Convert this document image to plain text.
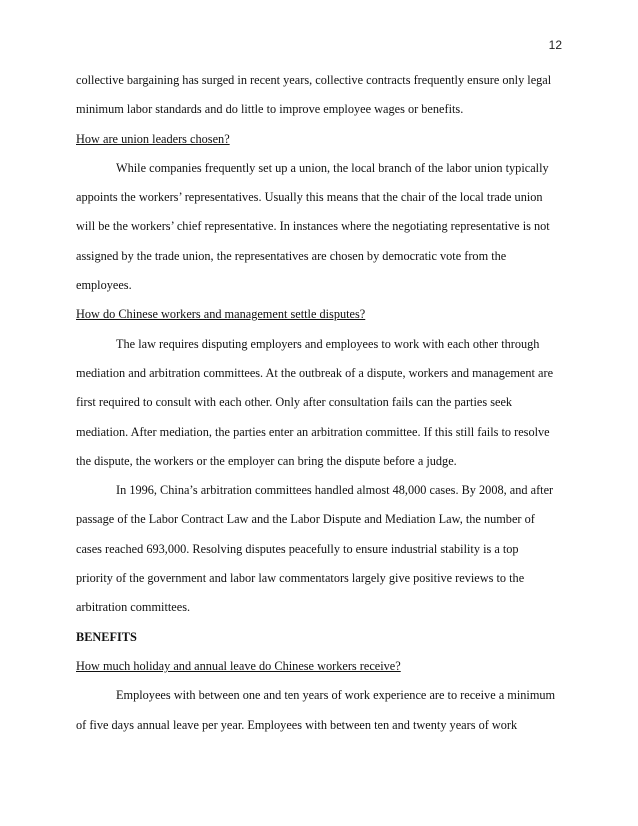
12
collective bargaining has surged in recent years, collective contracts frequently ensure only legal
minimum labor standards and do little to improve employee wages or benefits.
How are union leaders chosen?
While companies frequently set up a union, the local branch of the labor union typically
appoints the workers’ representatives. Usually this means that the chair of the local trade union
will be the workers’ chief representative. In instances where the negotiating representative is not
assigned by the trade union, the representatives are chosen by democratic vote from the
employees.
How do Chinese workers and management settle disputes?
The law requires disputing employers and employees to work with each other through
mediation and arbitration committees. At the outbreak of a dispute, workers and management are
first required to consult with each other. Only after consultation fails can the parties seek
mediation. After mediation, the parties enter an arbitration committee. If this still fails to resolve
the dispute, the workers or the employer can bring the dispute before a judge.
In 1996, China’s arbitration committees handled almost 48,000 cases. By 2008, and after
passage of the Labor Contract Law and the Labor Dispute and Mediation Law, the number of
cases reached 693,000. Resolving disputes peacefully to ensure industrial stability is a top
priority of the government and labor law commentators largely give positive reviews to the
arbitration committees.
BENEFITS
How much holiday and annual leave do Chinese workers receive?
Employees with between one and ten years of work experience are to receive a minimum
of five days annual leave per year. Employees with between ten and twenty years of work
